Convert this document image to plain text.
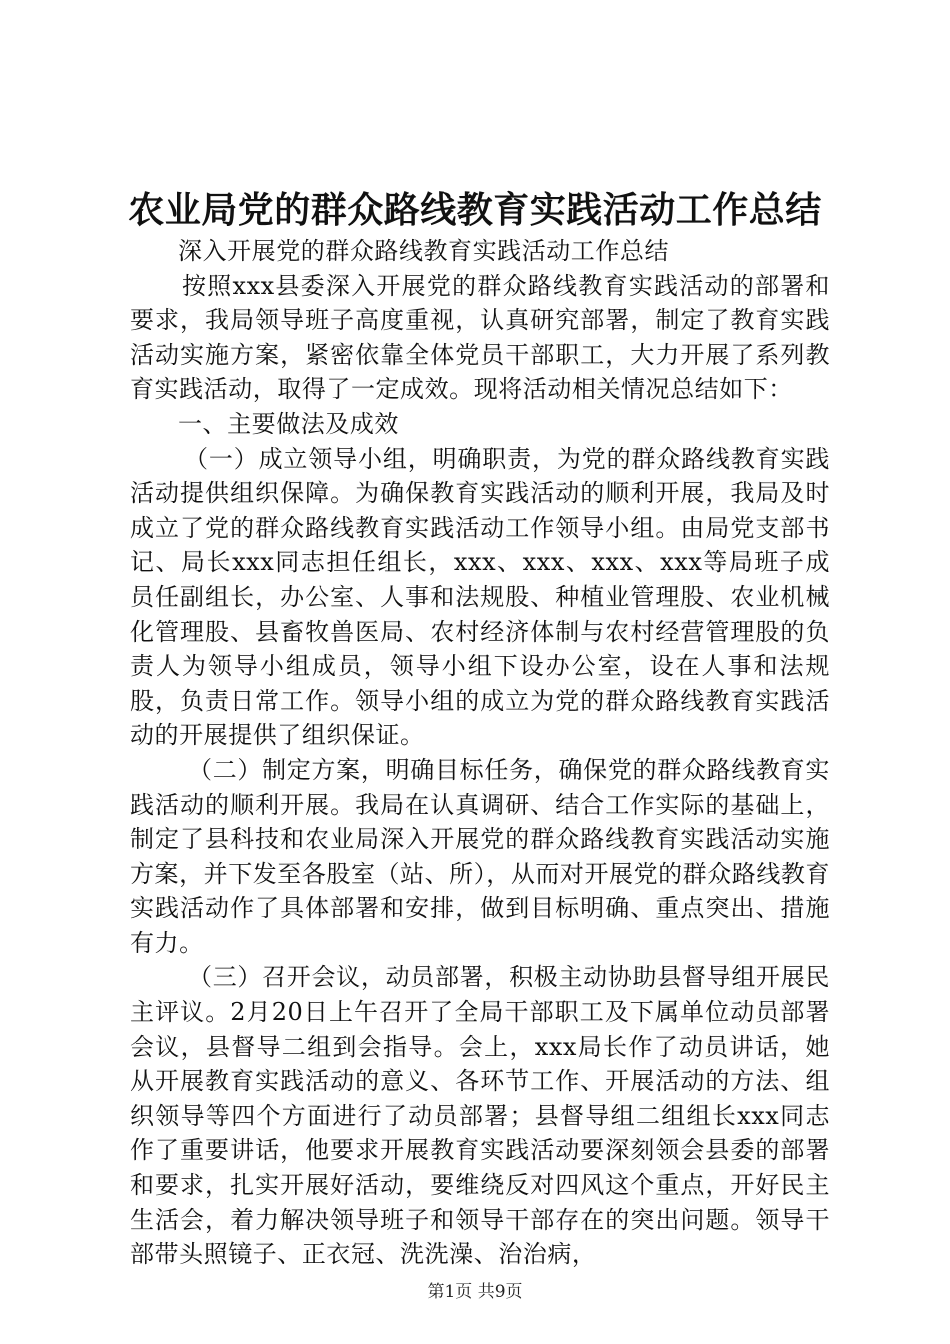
农业局党的群众路线教育实践活动工作总结

深入开展党的群众路线教育实践活动工作总结

按照xxx县委深入开展党的群众路线教育实践活动的部署和要求，我局领导班子高度重视，认真研究部署，制定了教育实践活动实施方案，紧密依靠全体党员干部职工，大力开展了系列教育实践活动，取得了一定成效。现将活动相关情况总结如下：

一、主要做法及成效

（一）成立领导小组，明确职责，为党的群众路线教育实践活动提供组织保障。为确保教育实践活动的顺利开展，我局及时成立了党的群众路线教育实践活动工作领导小组。由局党支部书记、局长xxx同志担任组长，xxx、xxx、xxx、xxx等局班子成员任副组长，办公室、人事和法规股、种植业管理股、农业机械化管理股、县畜牧兽医局、农村经济体制与农村经营管理股的负责人为领导小组成员，领导小组下设办公室，设在人事和法规股，负责日常工作。领导小组的成立为党的群众路线教育实践活动的开展提供了组织保证。

（二）制定方案，明确目标任务，确保党的群众路线教育实践活动的顺利开展。我局在认真调研、结合工作实际的基础上，制定了县科技和农业局深入开展党的群众路线教育实践活动实施方案，并下发至各股室（站、所），从而对开展党的群众路线教育实践活动作了具体部署和安排，做到目标明确、重点突出、措施有力。

（三）召开会议，动员部署，积极主动协助县督导组开展民主评议。2月20日上午召开了全局干部职工及下属单位动员部署会议，县督导二组到会指导。会上，xxx局长作了动员讲话，她从开展教育实践活动的意义、各环节工作、开展活动的方法、组织领导等四个方面进行了动员部署；县督导组二组组长xxx同志作了重要讲话，他要求开展教育实践活动要深刻领会县委的部署和要求，扎实开展好活动，要维绕反对四风这个重点，开好民主生活会，着力解决领导班子和领导干部存在的突出问题。领导干部带头照镜子、正衣冠、洗洗澡、治治病，

第1页 共9页
